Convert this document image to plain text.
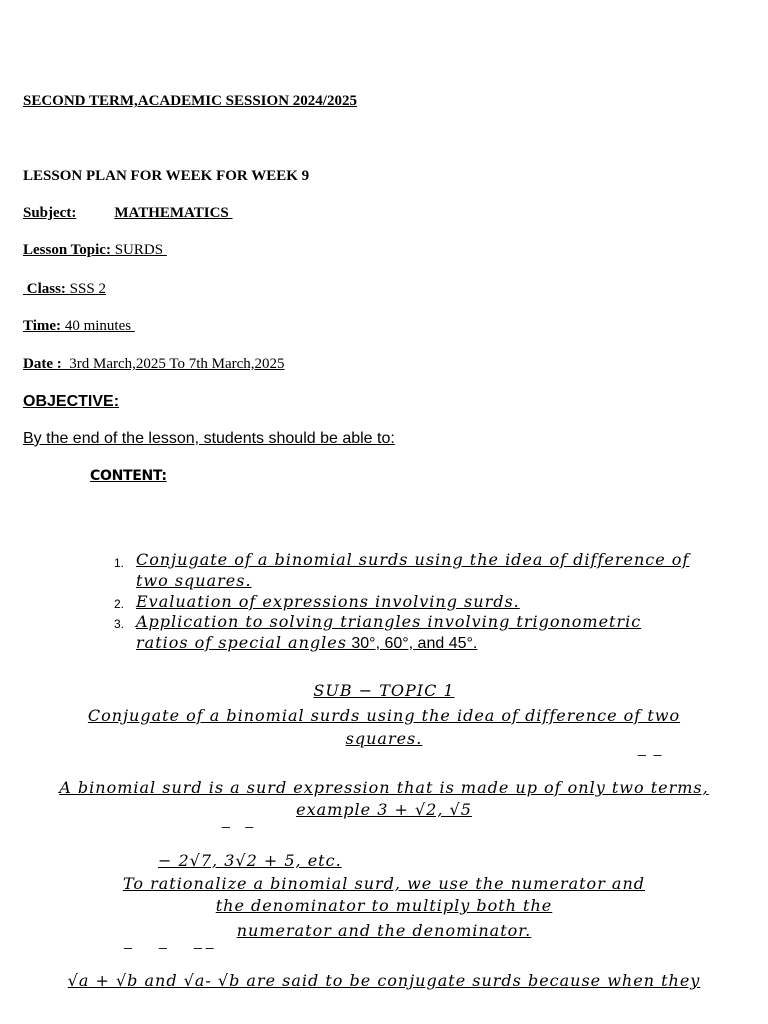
SECOND TERM,ACADEMIC SESSION 2024/2025
LESSON PLAN FOR WEEK FOR WEEK 9
Subject:	MATHEMATICS
Lesson Topic: SURDS
Class: SSS 2
Time: 40 minutes
Date : 3rd March,2025 To 7th March,2025
OBJECTIVE:
By the end of the lesson, students should be able to:
CONTENT:
1. Conjugate of a binomial surds using the idea of difference of
two squares.
2. Evaluation of expressions involving surds.
3. Application to solving triangles involving trigonometric
ratios of special angles 30°, 60°, and 45°.
SUB − TOPIC 1
Conjugate of a binomial surds using the idea of difference of two
squares.	_  _
A binomial surd is a surd expression that is made up of only two terms,
example 3 + √2, √5
_    _
− 2√7, 3√2 + 5, etc.
To rationalize a binomial surd, we use the numerator and
the denominator to multiply both the
numerator and the denominator.
_       _       _ _
√a + √b and √a- √b are said to be conjugate surds because when they
